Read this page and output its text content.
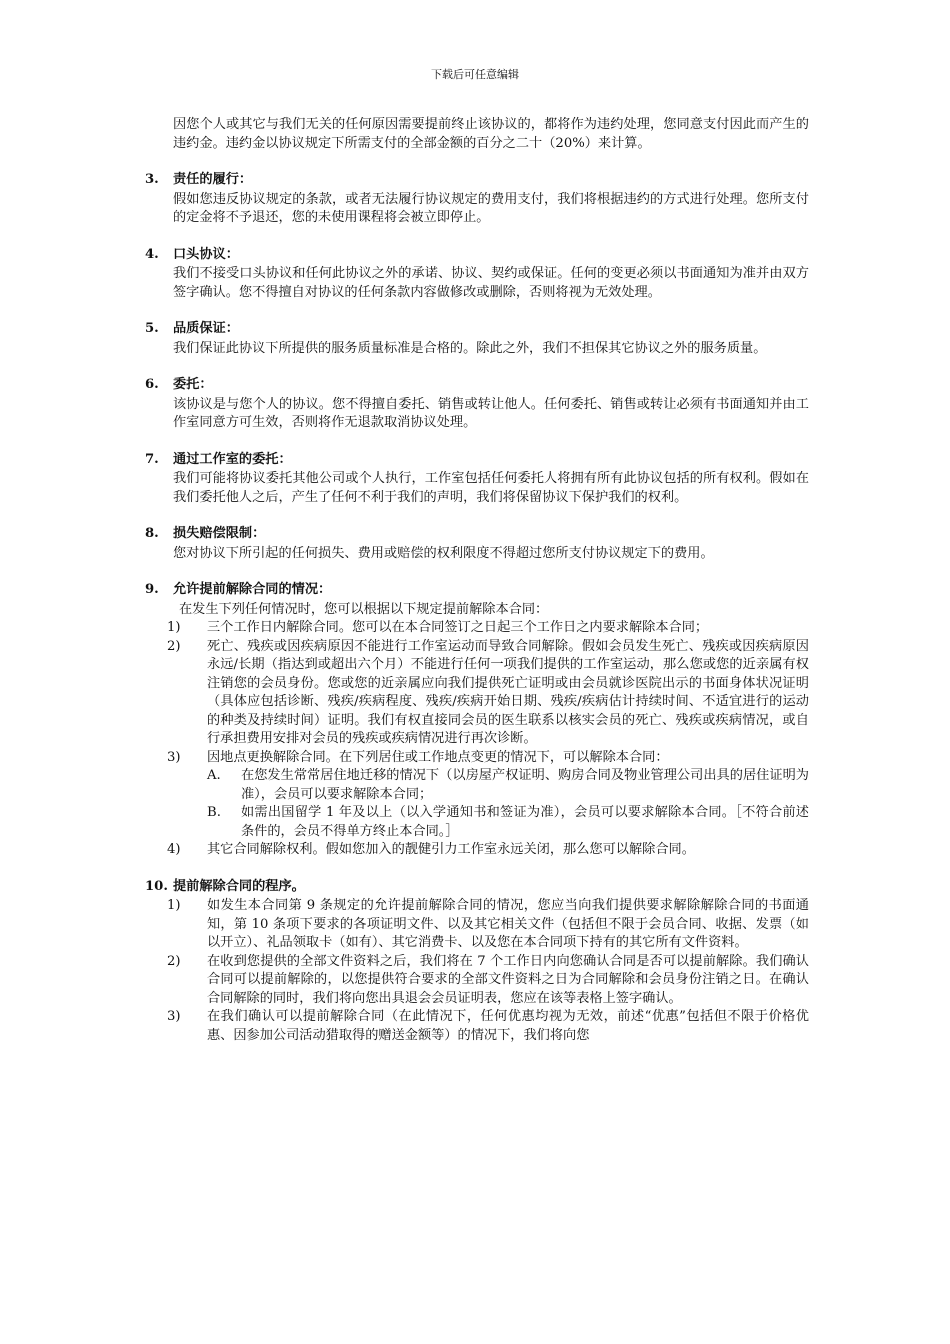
下载后可任意编辑

因您个人或其它与我们无关的任何原因需要提前终止该协议的，都将作为违约处理，您同意支付因此而产生的违约金。违约金以协议规定下所需支付的全部金额的百分之二十（20%）来计算。

3.	责任的履行：

假如您违反协议规定的条款，或者无法履行协议规定的费用支付，我们将根据违约的方式进行处理。您所支付的定金将不予退还，您的未使用课程将会被立即停止。

4.	口头协议：

我们不接受口头协议和任何此协议之外的承诺、协议、契约或保证。任何的变更必须以书面通知为准并由双方签字确认。您不得擅自对协议的任何条款内容做修改或删除，否则将视为无效处理。

5.	品质保证：

我们保证此协议下所提供的服务质量标准是合格的。除此之外，我们不担保其它协议之外的服务质量。

6.	委托：

该协议是与您个人的协议。您不得擅自委托、销售或转让他人。任何委托、销售或转让必须有书面通知并由工作室同意方可生效，否则将作无退款取消协议处理。

7.	通过工作室的委托：

我们可能将协议委托其他公司或个人执行，工作室包括任何委托人将拥有所有此协议包括的所有权利。假如在我们委托他人之后，产生了任何不利于我们的声明，我们将保留协议下保护我们的权利。

8.	损失赔偿限制：

您对协议下所引起的任何损失、费用或赔偿的权利限度不得超过您所支付协议规定下的费用。

9.	允许提前解除合同的情况：

在发生下列任何情况时，您可以根据以下规定提前解除本合同：

1)	三个工作日内解除合同。您可以在本合同签订之日起三个工作日之内要求解除本合同；
2)	死亡、残疾或因疾病原因不能进行工作室运动而导致合同解除。假如会员发生死亡、残疾或因疾病原因永远/长期（指达到或超出六个月）不能进行任何一项我们提供的工作室运动，那么您或您的近亲属有权注销您的会员身份。您或您的近亲属应向我们提供死亡证明或由会员就诊医院出示的书面身体状况证明（具体应包括诊断、残疾/疾病程度、残疾/疾病开始日期、残疾/疾病估计持续时间、不适宜进行的运动的种类及持续时间）证明。我们有权直接同会员的医生联系以核实会员的死亡、残疾或疾病情况，或自行承担费用安排对会员的残疾或疾病情况进行再次诊断。
3)	因地点更换解除合同。在下列居住或工作地点变更的情况下，可以解除本合同：
A.	在您发生常常居住地迁移的情况下（以房屋产权证明、购房合同及物业管理公司出具的居住证明为准），会员可以要求解除本合同；
B.	如需出国留学 1 年及以上（以入学通知书和签证为准），会员可以要求解除本合同。［不符合前述条件的，会员不得单方终止本合同。］
4)	其它合同解除权利。假如您加入的靓健引力工作室永远关闭，那么您可以解除合同。
10. 提前解除合同的程序。
1)	如发生本合同第 9 条规定的允许提前解除合同的情况，您应当向我们提供要求解除解除合同的书面通知，第 10 条项下要求的各项证明文件、以及其它相关文件（包括但不限于会员合同、收据、发票（如以开立）、礼品领取卡（如有）、其它消费卡、以及您在本合同项下持有的其它所有文件资料。
2)	在收到您提供的全部文件资料之后，我们将在 7 个工作日内向您确认合同是否可以提前解除。我们确认合同可以提前解除的，以您提供符合要求的全部文件资料之日为合同解除和会员身份注销之日。在确认合同解除的同时，我们将向您出具退会会员证明表，您应在该等表格上签字确认。
3)	在我们确认可以提前解除合同（在此情况下，任何优惠均视为无效，前述“优惠”包括但不限于价格优惠、因参加公司活动猎取得的赠送金额等）的情况下，我们将向您
